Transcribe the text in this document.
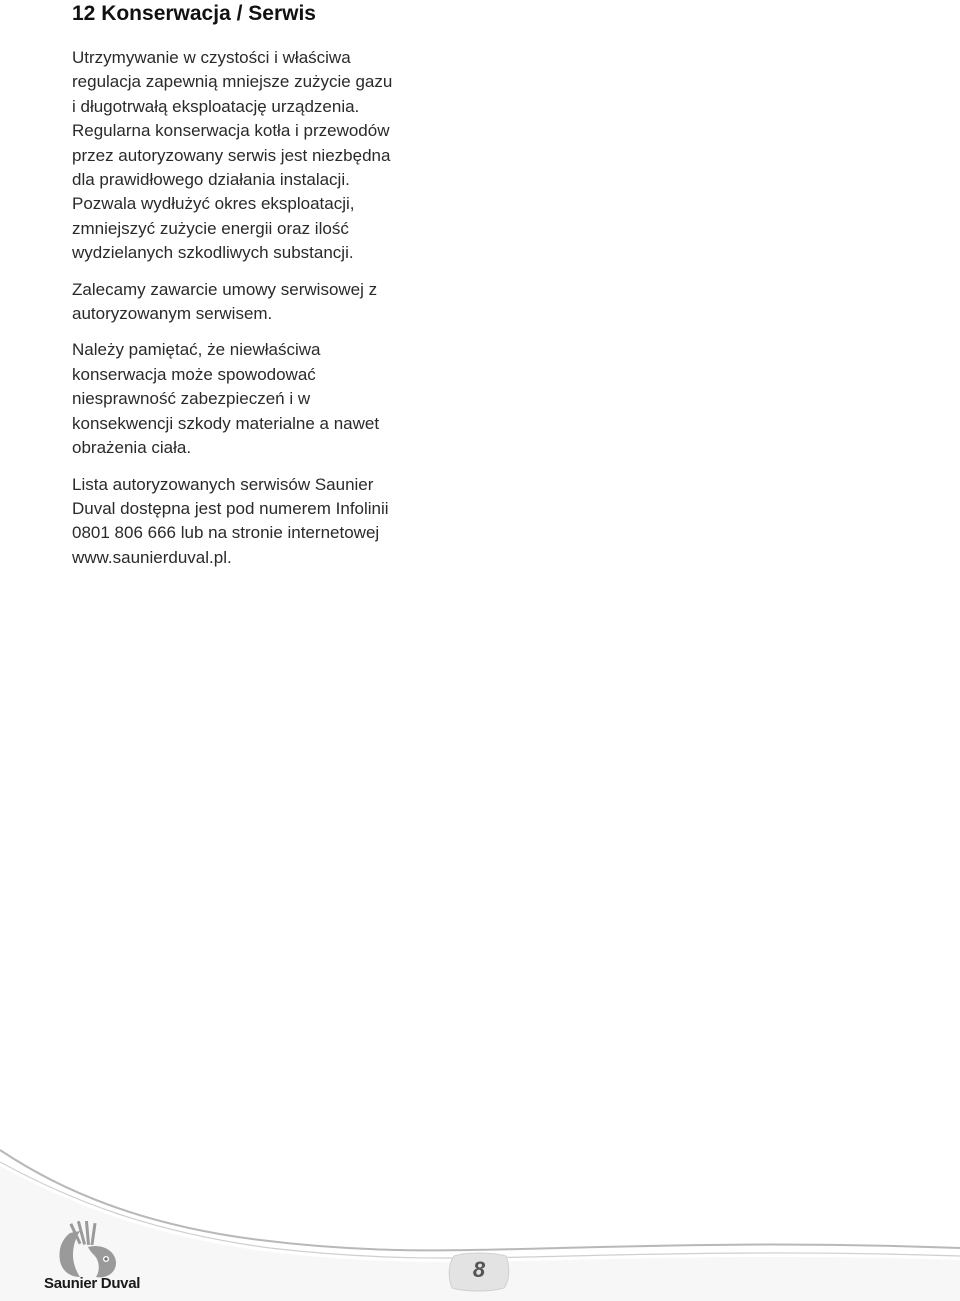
12 Konserwacja / Serwis

Utrzymywanie w czystości i właściwa
regulacja zapewnią mniejsze zużycie gazu
i długotrwałą eksploatację urządzenia.
Regularna konserwacja kotła i przewodów
przez autoryzowany serwis jest niezbędna
dla prawidłowego działania instalacji.
Pozwala wydłużyć okres eksploatacji,
zmniejszyć zużycie energii oraz ilość
wydzielanych szkodliwych substancji.

Zalecamy zawarcie umowy serwisowej z
autoryzowanym serwisem.

Należy pamiętać, że niewłaściwa
konserwacja może spowodować
niesprawność zabezpieczeń i w
konsekwencji szkody materialne a nawet
obrażenia ciała.

Lista autoryzowanych serwisów Saunier
Duval dostępna jest pod numerem Infolinii
0801 806 666 lub na stronie internetowej
www.saunierduval.pl.

Saunier Duval
8
